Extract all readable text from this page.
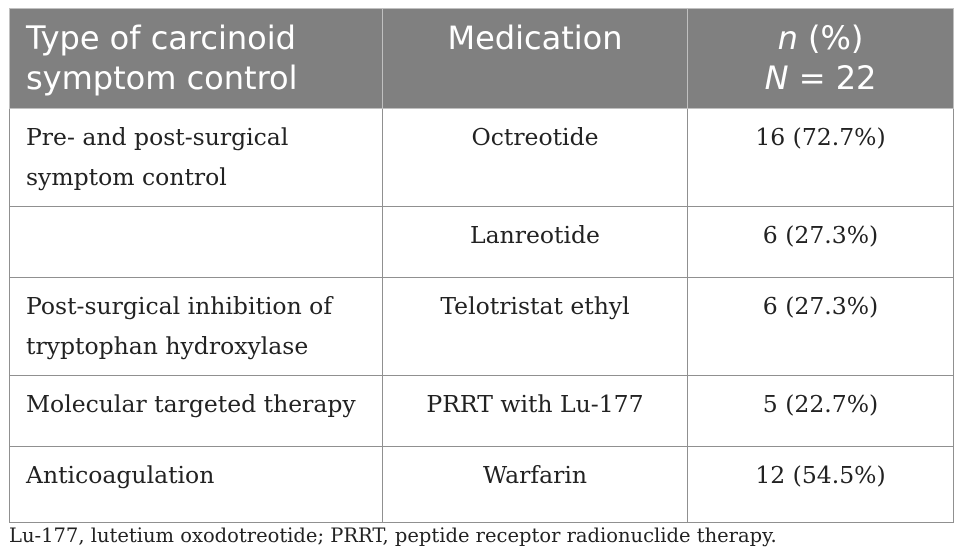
Type of carcinoid
symptom control	Medication	n (%)
N = 22
Pre- and post-surgical
symptom control	Octreotide	16 (72.7%)
	Lanreotide	6 (27.3%)
Post-surgical inhibition of
tryptophan hydroxylase	Telotristat ethyl	6 (27.3%)
Molecular targeted therapy	PRRT with Lu-177	5 (22.7%)
Anticoagulation	Warfarin	12 (54.5%)
Lu-177, lutetium oxodotreotide; PRRT, peptide receptor radionuclide therapy.
